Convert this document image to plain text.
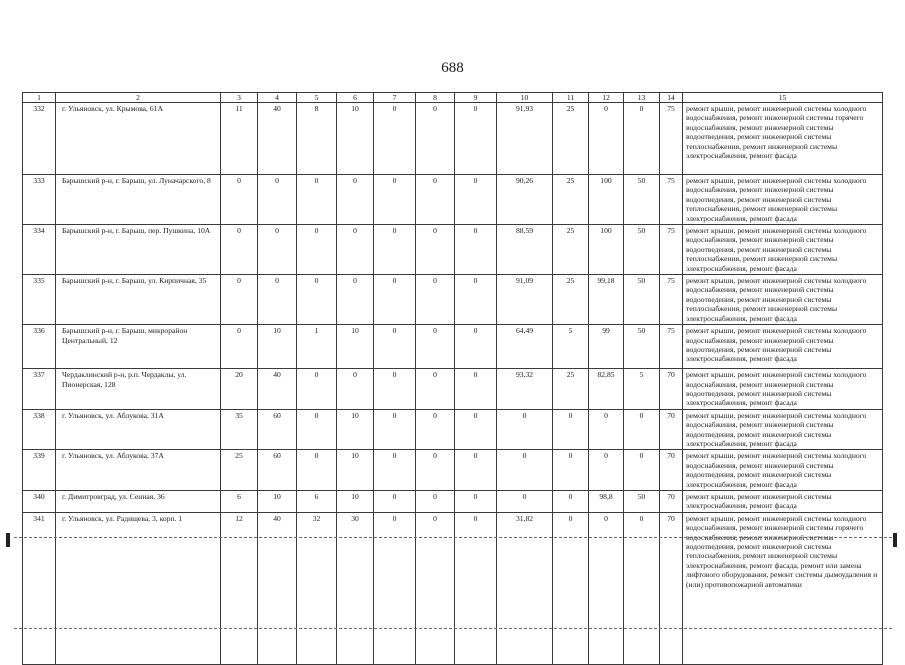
688
1	2	3	4	5	6	7	8	9	10	11	12	13	14	15
332	г. Ульяновск, ул. Крымова, 61А	11	40	8	10	0	0	0	91,93	25	0	0	75	ремонт крыши, ремонт инженерной системы холодного водоснабжения, ремонт инженерной системы горячего водоснабжения, ремонт инженерной системы водоотведения, ремонт инженерной системы теплоснабжения, ремонт инженерной системы электроснабжения, ремонт фасада
333	Барышский р-н, г. Барыш, ул. Луначарского, 8	0	0	0	0	0	0	0	90,26	25	100	50	75	ремонт крыши, ремонт инженерной системы холодного водоснабжения, ремонт инженерной системы водоотведения, ремонт инженерной системы теплоснабжения, ремонт инженерной системы электроснабжения, ремонт фасада
334	Барышский р-н, г. Барыш, пер. Пушкина, 10А	0	0	0	0	0	0	0	88,59	25	100	50	75	ремонт крыши, ремонт инженерной системы холодного водоснабжения, ремонт инженерной системы водоотведения, ремонт инженерной системы теплоснабжения, ремонт инженерной системы электроснабжения, ремонт фасада
335	Барышский р-н, г. Барыш, ул. Кирпичная, 35	0	0	0	0	0	0	0	91,09	25	99,18	50	75	ремонт крыши, ремонт инженерной системы холодного водоснабжения, ремонт инженерной системы водоотведения, ремонт инженерной системы теплоснабжения, ремонт инженерной системы электроснабжения, ремонт фасада
336	Барышский р-н, г. Барыш, микрорайон Центральный, 12	0	10	1	10	0	0	0	64,49	5	99	50	75	ремонт крыши, ремонт инженерной системы холодного водоснабжения, ремонт инженерной системы водоотведения, ремонт инженерной системы электроснабжения, ремонт фасада
337	Чердаклинский р-н, р.п. Чердаклы, ул. Пионерская, 128	20	40	0	0	0	0	0	93,32	25	82,85	5	70	ремонт крыши, ремонт инженерной системы холодного водоснабжения, ремонт инженерной системы водоотведения, ремонт инженерной системы электроснабжения, ремонт фасада
338	г. Ульяновск, ул. Аблукова, 31А	35	60	0	10	0	0	0	0	0	0	0	70	ремонт крыши, ремонт инженерной системы холодного водоснабжения, ремонт инженерной системы водоотведения, ремонт инженерной системы электроснабжения, ремонт фасада
339	г. Ульяновск, ул. Аблукова, 37А	25	60	0	10	0	0	0	0	0	0	0	70	ремонт крыши, ремонт инженерной системы холодного водоснабжения, ремонт инженерной системы водоотведения, ремонт инженерной системы электроснабжения, ремонт фасада
340	г. Димитровград, ул. Сенная, 36	6	10	6	10	0	0	0	0	0	98,8	50	70	ремонт крыши, ремонт инженерной системы электроснабжения, ремонт фасада
341	г. Ульяновск, ул. Радищева, 3, корп. 1	12	40	32	30	0	0	0	31,82	0	0	0	70	ремонт крыши, ремонт инженерной системы холодного водоснабжения, ремонт инженерной системы горячего водоснабжения, ремонт инженерной системы водоотведения, ремонт инженерной системы теплоснабжения, ремонт инженерной системы электроснабжения, ремонт фасада, ремонт или замена лифтового оборудования, ремонт системы дымоудаления и (или) противопожарной автоматики
